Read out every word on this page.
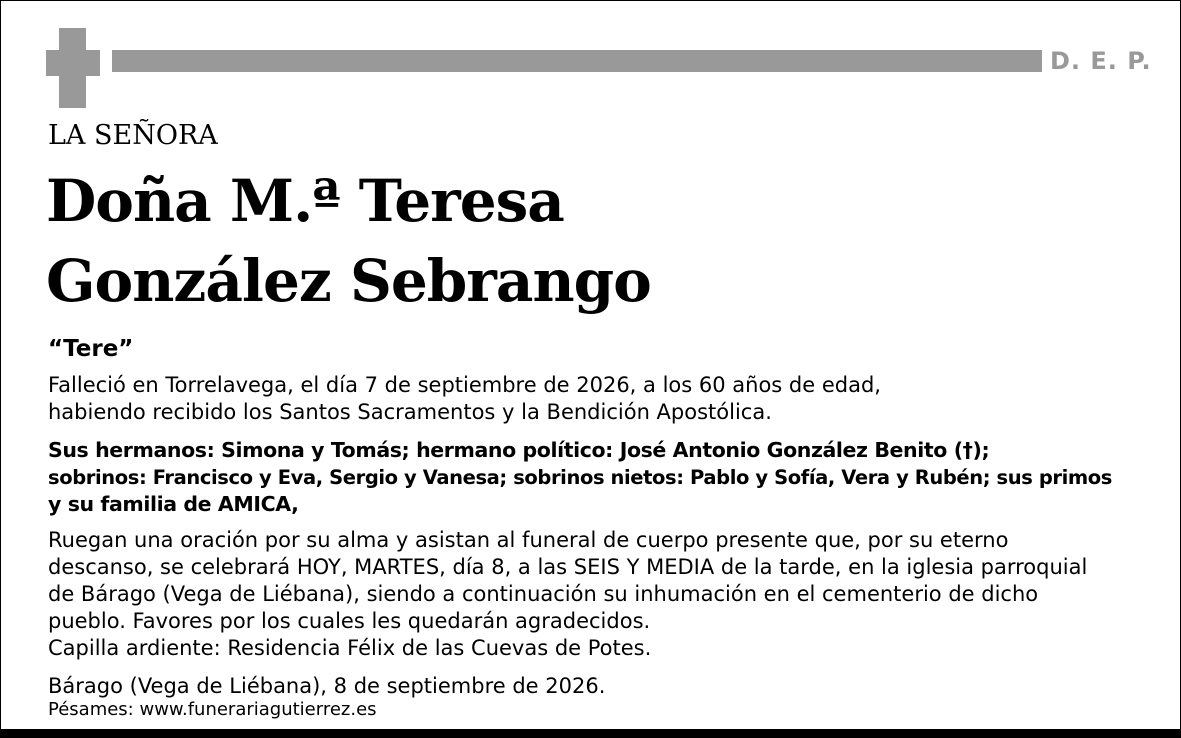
D. E. P.
LA SEÑORA
Doña M.ª Teresa
González Sebrango
“Tere”
Falleció en Torrelavega, el día 7 de septiembre de 2026, a los 60 años de edad,
habiendo recibido los Santos Sacramentos y la Bendición Apostólica.
Sus hermanos: Simona y Tomás; hermano político: José Antonio González Benito (†);
sobrinos: Francisco y Eva, Sergio y Vanesa; sobrinos nietos: Pablo y Sofía, Vera y Rubén; sus primos
y su familia de AMICA,
Ruegan una oración por su alma y asistan al funeral de cuerpo presente que, por su eterno
descanso, se celebrará HOY, MARTES, día 8, a las SEIS Y MEDIA de la tarde, en la iglesia parroquial
de Bárago (Vega de Liébana), siendo a continuación su inhumación en el cementerio de dicho
pueblo. Favores por los cuales les quedarán agradecidos.
Capilla ardiente: Residencia Félix de las Cuevas de Potes.
Bárago (Vega de Liébana), 8 de septiembre de 2026.
Pésames: www.funerariagutierrez.es
